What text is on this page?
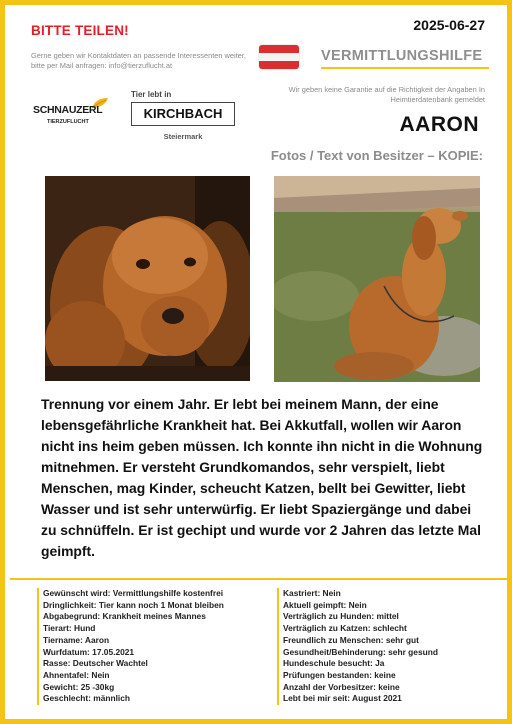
BITTE TEILEN!
Gerne geben wir Kontaktdaten an passende Interessenten weiter, bitte per Mail anfragen: info@tierzuflucht.at
2025-06-27
VERMITTLUNGSHILFE
Wir geben keine Garantie auf die Richtigkeit der Angaben In Heimtierdatenbank gemeldet
SCHNAUZERL
TIERZUFLUCHT
Tier lebt in
KIRCHBACH
Steiermark
AARON
Fotos / Text von Besitzer – KOPIE:
Trennung vor einem Jahr. Er lebt bei meinem Mann, der eine lebensgefährliche Krankheit hat. Bei Akkutfall, wollen wir Aaron nicht ins heim geben müssen. Ich konnte ihn nicht in die Wohnung mitnehmen. Er versteht Grundkomandos, sehr verspielt, liebt Menschen, mag Kinder, scheucht Katzen, bellt bei Gewitter, liebt Wasser und ist sehr unterwürfig. Er liebt Spaziergänge und dabei zu schnüffeln. Er ist gechipt und wurde vor 2 Jahren das letzte Mal geimpft.
Gewünscht wird: Vermittlungshilfe kostenfrei
Dringlichkeit: Tier kann noch 1 Monat bleiben
Abgabegrund: Krankheit meines Mannes
Tierart: Hund
Tiername: Aaron
Wurfdatum: 17.05.2021
Rasse: Deutscher Wachtel
Ahnentafel: Nein
Gewicht: 25 -30kg
Geschlecht: männlich
Kastriert: Nein
Aktuell geimpft: Nein
Verträglich zu Hunden: mittel
Verträglich zu Katzen: schlecht
Freundlich zu Menschen: sehr gut
Gesundheit/Behinderung: sehr gesund
Hundeschule besucht: Ja
Prüfungen bestanden: keine
Anzahl der Vorbesitzer: keine
Lebt bei mir seit: August 2021
